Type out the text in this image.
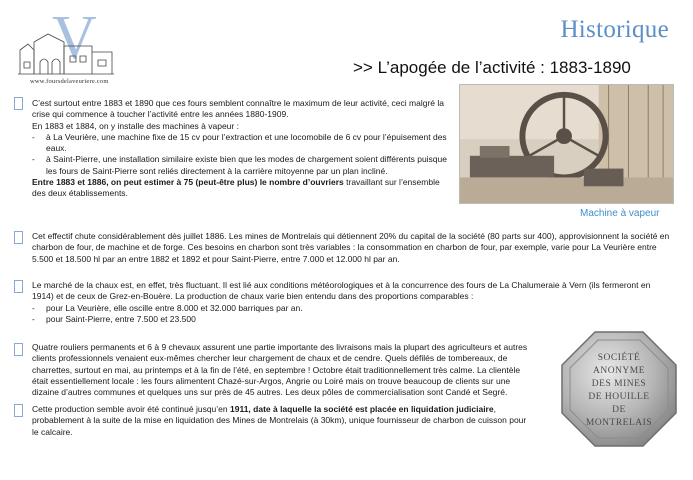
V
www.foursdelaveuriere.com
Historique
>> L’apogée de l’activité : 1883-1890
Machine à vapeur

C’est surtout entre 1883 et 1890 que ces fours semblent connaître le maximum de leur activité, ceci malgré la crise qui commence à toucher l’activité entre les années 1880-1909.

En 1883 et 1884, on y installe des machines à vapeur :

-	à La Veurière, une machine fixe de 15 cv pour l’extraction et une locomobile de 6 cv pour l’épuisement des eaux.
-	à Saint-Pierre, une installation similaire existe bien que les modes de chargement soient différents puisque les fours de Saint-Pierre sont reliés directement à la carrière mitoyenne par un plan incliné.

Entre 1883 et 1886, on peut estimer à 75 (peut-être plus) le nombre d’ouvriers travaillant sur l’ensemble des deux établissements.

Cet effectif chute considérablement dès juillet 1886. Les mines de Montrelais qui détiennent 20% du capital de la société (80 parts sur 400), approvisionnent la société en charbon de four, de machine et de forge. Ces besoins en charbon sont très variables : la consommation en charbon de four, par exemple, varie pour La Veurière entre 5.500 et 18.500 hl par an entre 1882 et 1892 et pour Saint-Pierre, entre 7.000 et 12.000 hl par an.

Le marché de la chaux est, en effet, très fluctuant. Il est lié aux conditions météorologiques et à la concurrence des fours de La Chalumeraie à Vern (ils fermeront en 1914) et de ceux de Grez-en-Bouère. La production de chaux varie bien entendu dans des proportions comparables :

-	pour La Veurière, elle oscille entre 8.000 et 32.000 barriques par an.
-	pour Saint-Pierre, entre 7.500 et 23.500

Quatre rouliers permanents et 6 à 9 chevaux assurent une partie importante des livraisons mais la plupart des agriculteurs et autres clients professionnels venaient eux-mêmes chercher leur chargement de chaux et de cendre. Quels défilés de tombereaux, de charrettes, surtout en mai, au printemps et à la fin de l’été, en septembre ! Octobre était traditionnellement très calme. La clientèle était essentiellement locale : les fours alimentent Chazé-sur-Argos, Angrie ou Loiré mais on trouve beaucoup de clients sur une dizaine d’autres communes et quelques uns sur près de 45 autres. Les deux pôles de commercialisation sont Candé et Segré.

Cette production semble avoir été continué jusqu’en 1911, date à laquelle la société est placée en liquidation judiciaire, probablement à la suite de la mise en liquidation des Mines de Montrelais (à 30km), unique fournisseur de charbon de cuisson pour le calcaire.

SOCIÉTÉ
ANONYME
DES MINES
DE HOUILLE
DE
MONTRELAIS
